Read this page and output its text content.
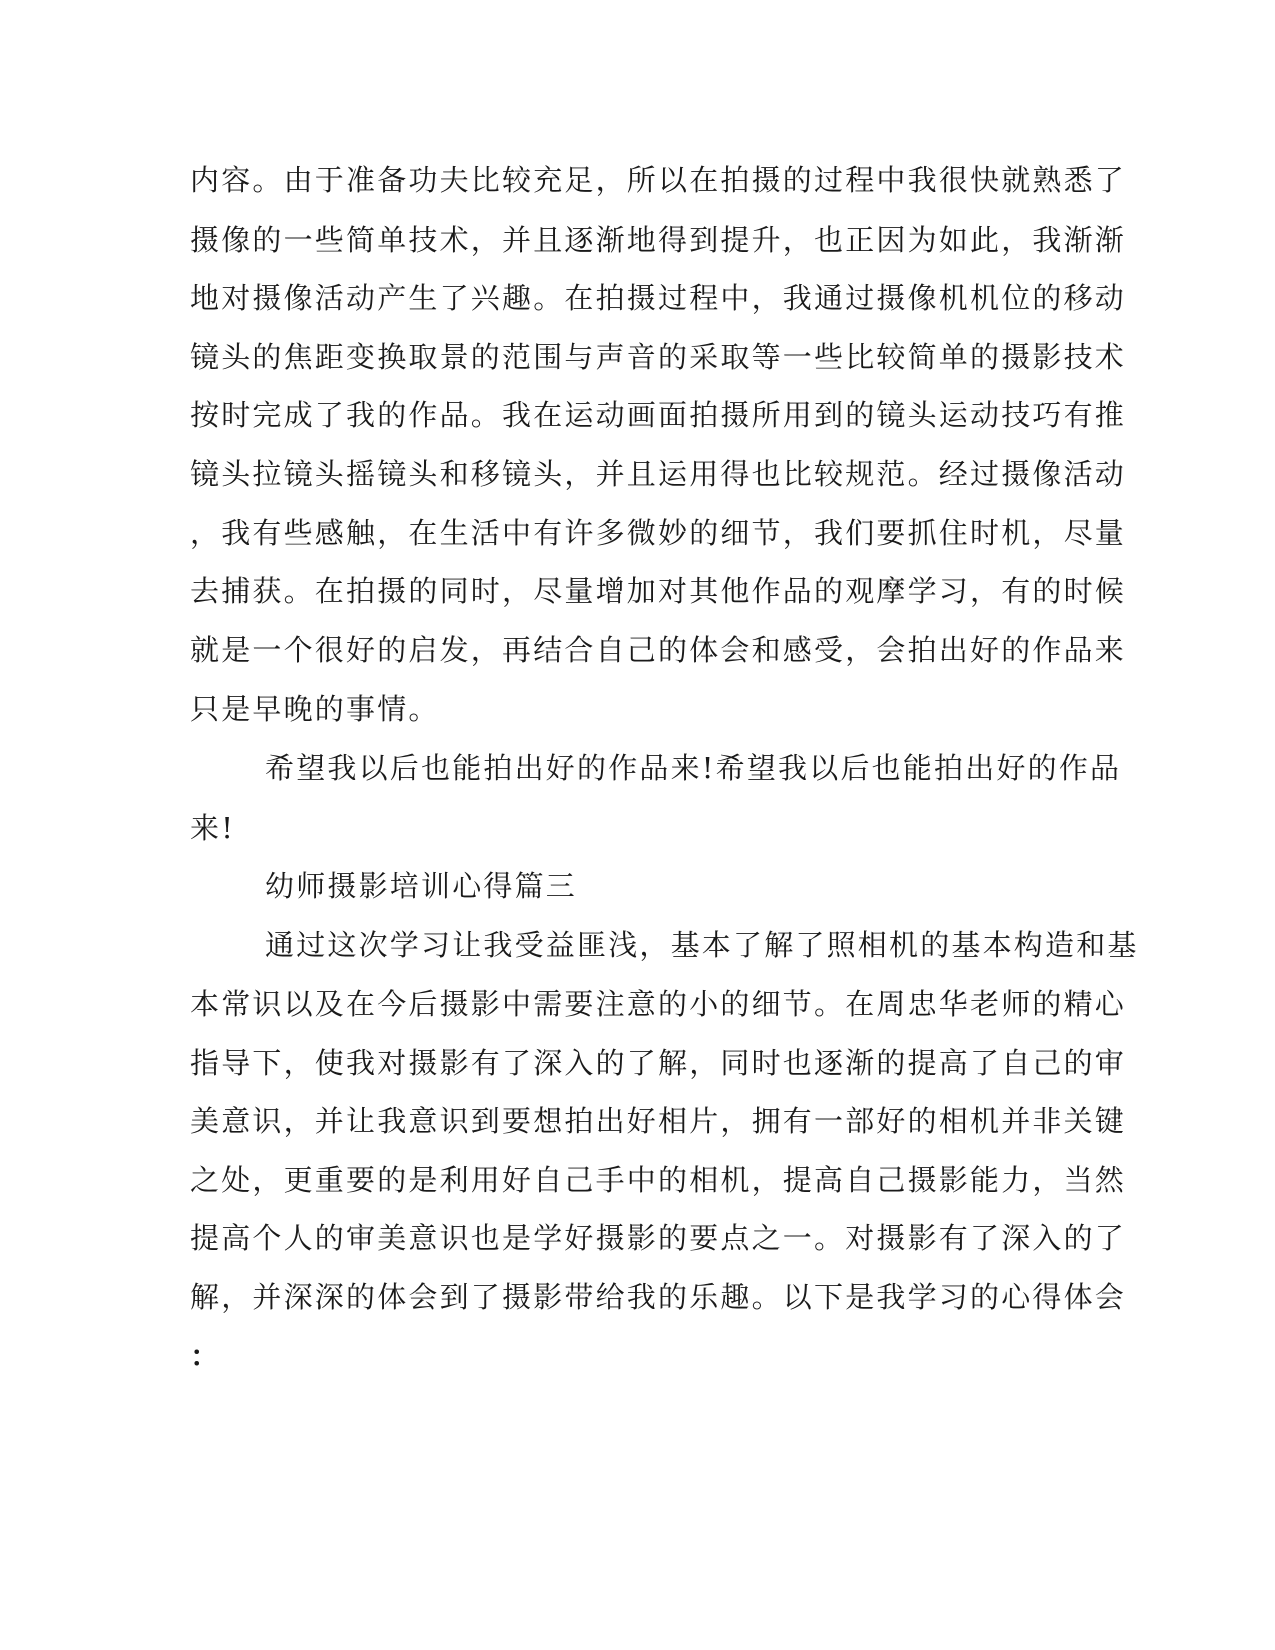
内容。由于准备功夫比较充足，所以在拍摄的过程中我很快就熟悉了
摄像的一些简单技术，并且逐渐地得到提升，也正因为如此，我渐渐
地对摄像活动产生了兴趣。在拍摄过程中，我通过摄像机机位的移动
镜头的焦距变换取景的范围与声音的采取等一些比较简单的摄影技术
按时完成了我的作品。我在运动画面拍摄所用到的镜头运动技巧有推
镜头拉镜头摇镜头和移镜头，并且运用得也比较规范。经过摄像活动
，我有些感触，在生活中有许多微妙的细节，我们要抓住时机，尽量
去捕获。在拍摄的同时，尽量增加对其他作品的观摩学习，有的时候
就是一个很好的启发，再结合自己的体会和感受，会拍出好的作品来
只是早晚的事情。
希望我以后也能拍出好的作品来!希望我以后也能拍出好的作品
来!
幼师摄影培训心得篇三
通过这次学习让我受益匪浅，基本了解了照相机的基本构造和基
本常识以及在今后摄影中需要注意的小的细节。在周忠华老师的精心
指导下，使我对摄影有了深入的了解，同时也逐渐的提高了自己的审
美意识，并让我意识到要想拍出好相片，拥有一部好的相机并非关键
之处，更重要的是利用好自己手中的相机，提高自己摄影能力，当然
提高个人的审美意识也是学好摄影的要点之一。对摄影有了深入的了
解，并深深的体会到了摄影带给我的乐趣。以下是我学习的心得体会
：
